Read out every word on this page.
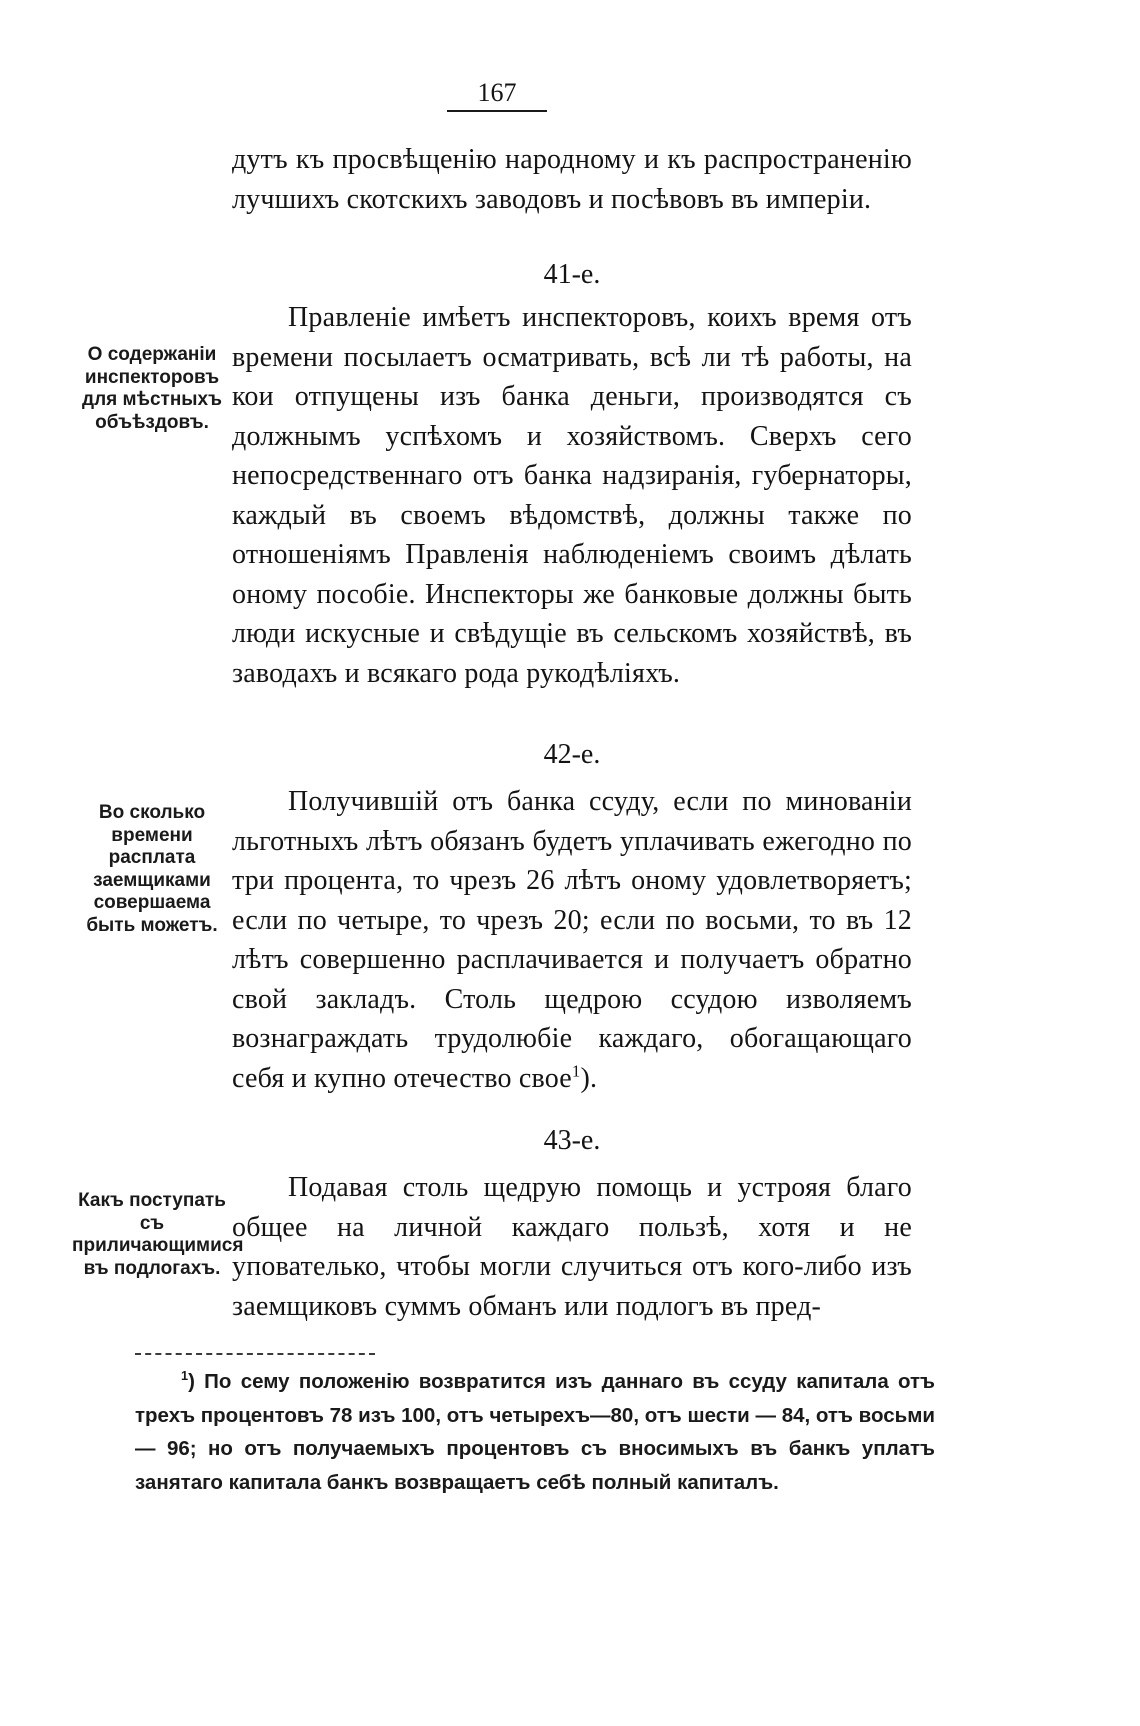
167

дутъ къ просвѣщенію народному и къ распространенію лучшихъ скотскихъ заводовъ и посѣвовъ въ имперіи.

41-е.
О содержаніи инспекторовъ для мѣстныхъ объѣздовъ.

Правленіе имѣетъ инспекторовъ, коихъ время отъ времени посылаетъ осматривать, всѣ ли тѣ работы, на кои отпущены изъ банка деньги, производятся съ должнымъ успѣхомъ и хозяйствомъ. Сверхъ сего непосредственнаго отъ банка надзиранія, губернаторы, каждый въ своемъ вѣдомствѣ, должны также по отношеніямъ Правленія наблюденіемъ своимъ дѣлать оному пособіе. Инспекторы же банковые должны быть люди искусные и свѣдущіе въ сельскомъ хозяйствѣ, въ заводахъ и всякаго рода рукодѣліяхъ.

42-е.
Во сколько времени расплата заемщиками совершаема быть можетъ.

Получившій отъ банка ссуду, если по минованіи льготныхъ лѣтъ обязанъ будетъ уплачивать ежегодно по три процента, то чрезъ 26 лѣтъ оному удовлетворяетъ; если по четыре, то чрезъ 20; если по восьми, то въ 12 лѣтъ совершенно расплачивается и получаетъ обратно свой закладъ. Столь щедрою ссудою изволяемъ вознаграждать трудолюбіе каждаго, обогащающаго себя и купно отечество свое$^1$).

43-е.
Какъ поступать съ приличающимися въ подлогахъ.

Подавая столь щедрую помощь и устрояя благо общее на личной каждаго пользѣ, хотя и не упователько, чтобы могли случиться отъ кого-либо изъ заемщиковъ суммъ обманъ или подлогъ въ пред-

$^1$) По сему положенію возвратится изъ даннаго въ ссуду капитала отъ трехъ процентовъ 78 изъ 100, отъ четырехъ—80, отъ шести — 84, отъ восьми — 96; но отъ получаемыхъ процентовъ съ вносимыхъ въ банкъ уплатъ занятаго капитала банкъ возвращаетъ себѣ полный капиталъ.
